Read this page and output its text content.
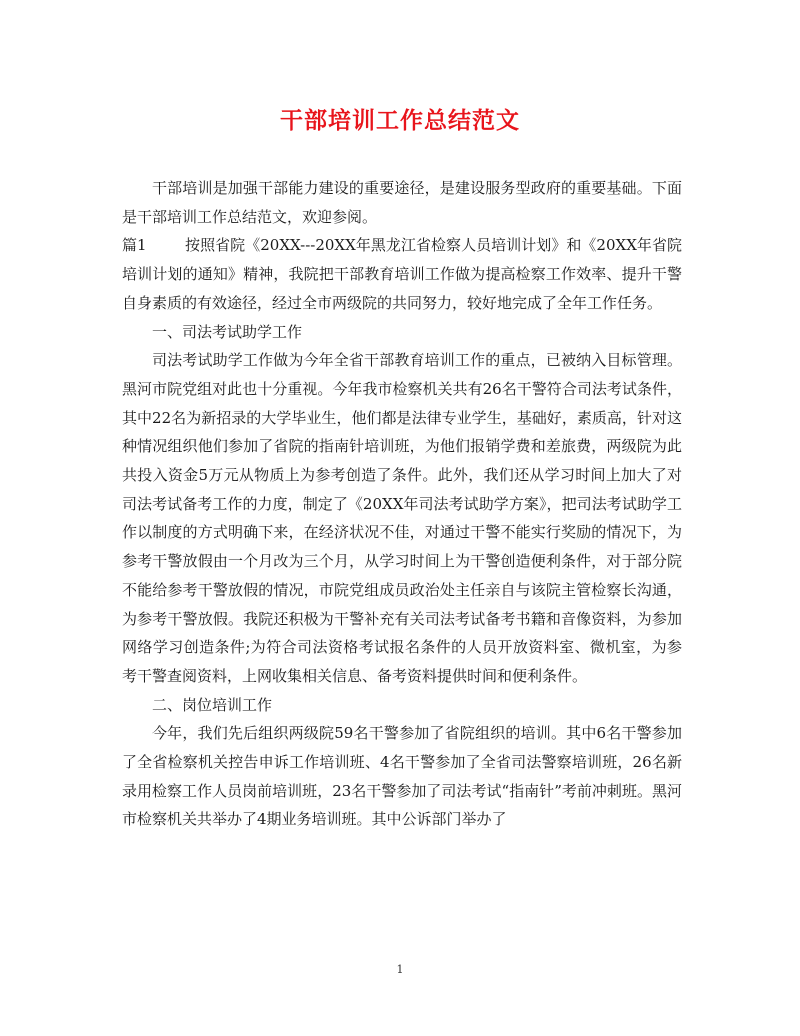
干部培训工作总结范文

干部培训是加强干部能力建设的重要途径，是建设服务型政府的重要基础。下面是干部培训工作总结范文，欢迎参阅。

篇1	按照省院《20XX---20XX年黑龙江省检察人员培训计划》和《20XX年省院培训计划的通知》精神，我院把干部教育培训工作做为提高检察工作效率、提升干警自身素质的有效途径，经过全市两级院的共同努力，较好地完成了全年工作任务。

一、司法考试助学工作

司法考试助学工作做为今年全省干部教育培训工作的重点，已被纳入目标管理。黑河市院党组对此也十分重视。今年我市检察机关共有26名干警符合司法考试条件，其中22名为新招录的大学毕业生，他们都是法律专业学生，基础好，素质高，针对这种情况组织他们参加了省院的指南针培训班，为他们报销学费和差旅费，两级院为此共投入资金5万元从物质上为参考创造了条件。此外，我们还从学习时间上加大了对司法考试备考工作的力度，制定了《20XX年司法考试助学方案》，把司法考试助学工作以制度的方式明确下来，在经济状况不佳，对通过干警不能实行奖励的情况下，为参考干警放假由一个月改为三个月，从学习时间上为干警创造便利条件，对于部分院不能给参考干警放假的情况，市院党组成员政治处主任亲自与该院主管检察长沟通，为参考干警放假。我院还积极为干警补充有关司法考试备考书籍和音像资料，为参加网络学习创造条件;为符合司法资格考试报名条件的人员开放资料室、微机室，为参考干警查阅资料，上网收集相关信息、备考资料提供时间和便利条件。

二、岗位培训工作

今年，我们先后组织两级院59名干警参加了省院组织的培训。其中6名干警参加了全省检察机关控告申诉工作培训班、4名干警参加了全省司法警察培训班，26名新录用检察工作人员岗前培训班，23名干警参加了司法考试“指南针”考前冲刺班。黑河市检察机关共举办了4期业务培训班。其中公诉部门举办了

1
